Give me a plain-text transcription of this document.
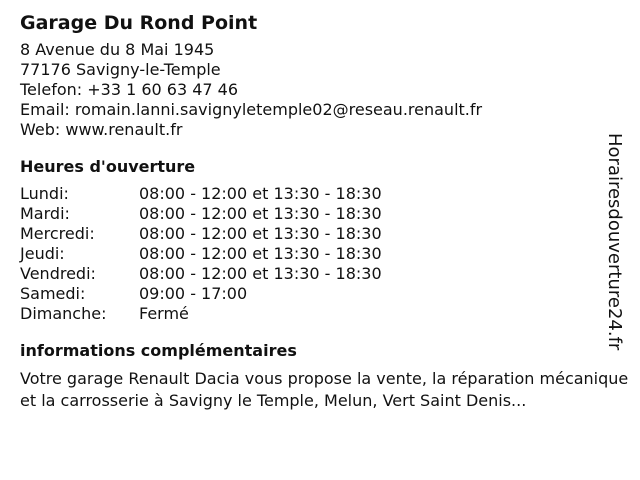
Garage Du Rond Point
8 Avenue du 8 Mai 1945
77176 Savigny-le-Temple
Telefon: +33 1 60 63 47 46
Email: romain.lanni.savignyletemple02@reseau.renault.fr
Web: www.renault.fr
Heures d'ouverture
Lundi:	08:00 - 12:00 et 13:30 - 18:30
Mardi:	08:00 - 12:00 et 13:30 - 18:30
Mercredi:	08:00 - 12:00 et 13:30 - 18:30
Jeudi:	08:00 - 12:00 et 13:30 - 18:30
Vendredi:	08:00 - 12:00 et 13:30 - 18:30
Samedi:	09:00 - 17:00
Dimanche:	Fermé
informations complémentaires
Votre garage Renault Dacia vous propose la vente, la réparation mécanique et la carrosserie à Savigny le Temple, Melun, Vert Saint Denis...
Horairesdouverture24.fr
